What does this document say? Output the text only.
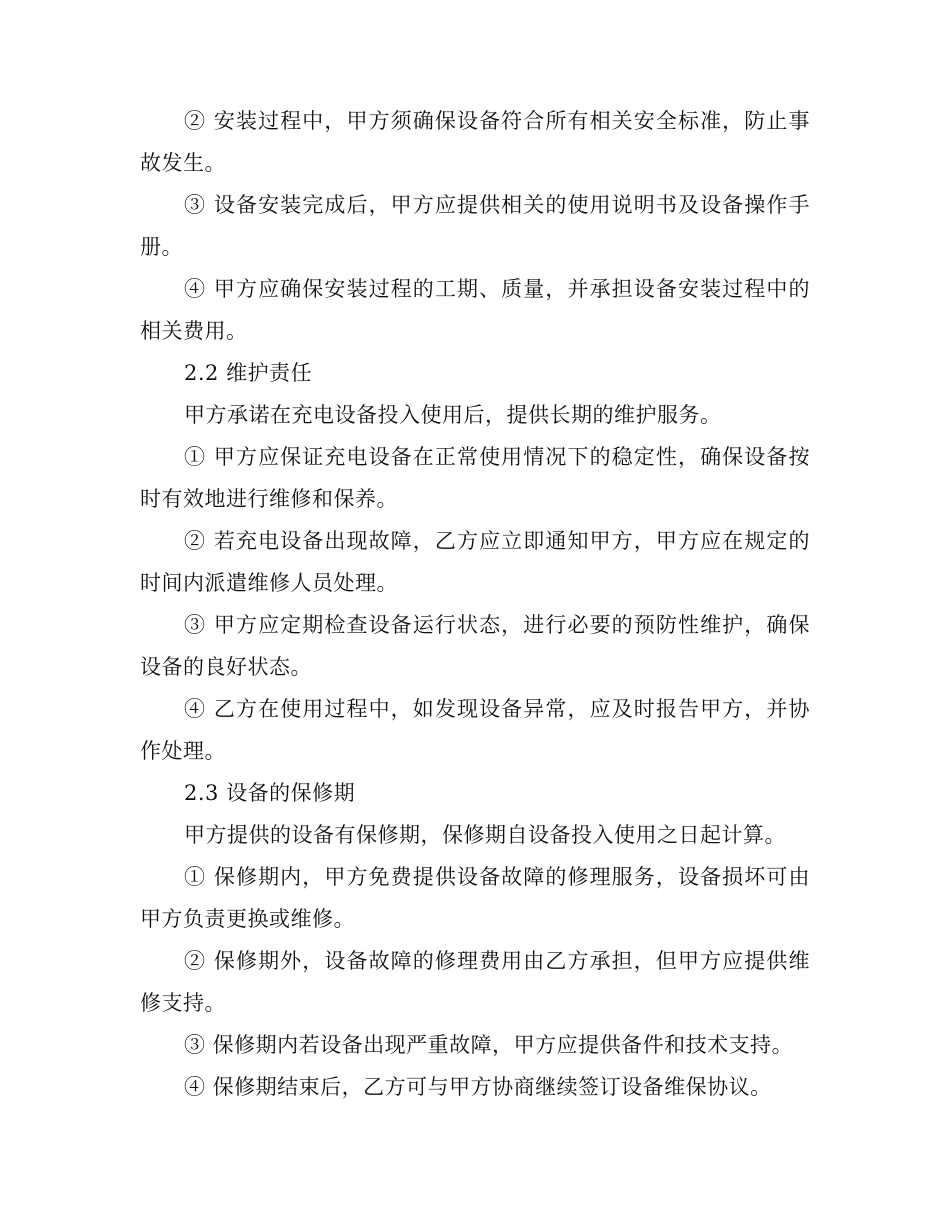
② 安装过程中，甲方须确保设备符合所有相关安全标准，防止事故发生。

③ 设备安装完成后，甲方应提供相关的使用说明书及设备操作手册。

④ 甲方应确保安装过程的工期、质量，并承担设备安装过程中的相关费用。

2.2 维护责任

甲方承诺在充电设备投入使用后，提供长期的维护服务。

① 甲方应保证充电设备在正常使用情况下的稳定性，确保设备按时有效地进行维修和保养。

② 若充电设备出现故障，乙方应立即通知甲方，甲方应在规定的时间内派遣维修人员处理。

③ 甲方应定期检查设备运行状态，进行必要的预防性维护，确保设备的良好状态。

④ 乙方在使用过程中，如发现设备异常，应及时报告甲方，并协作处理。

2.3 设备的保修期

甲方提供的设备有保修期，保修期自设备投入使用之日起计算。

① 保修期内，甲方免费提供设备故障的修理服务，设备损坏可由甲方负责更换或维修。

② 保修期外，设备故障的修理费用由乙方承担，但甲方应提供维修支持。

③ 保修期内若设备出现严重故障，甲方应提供备件和技术支持。

④ 保修期结束后，乙方可与甲方协商继续签订设备维保协议。
